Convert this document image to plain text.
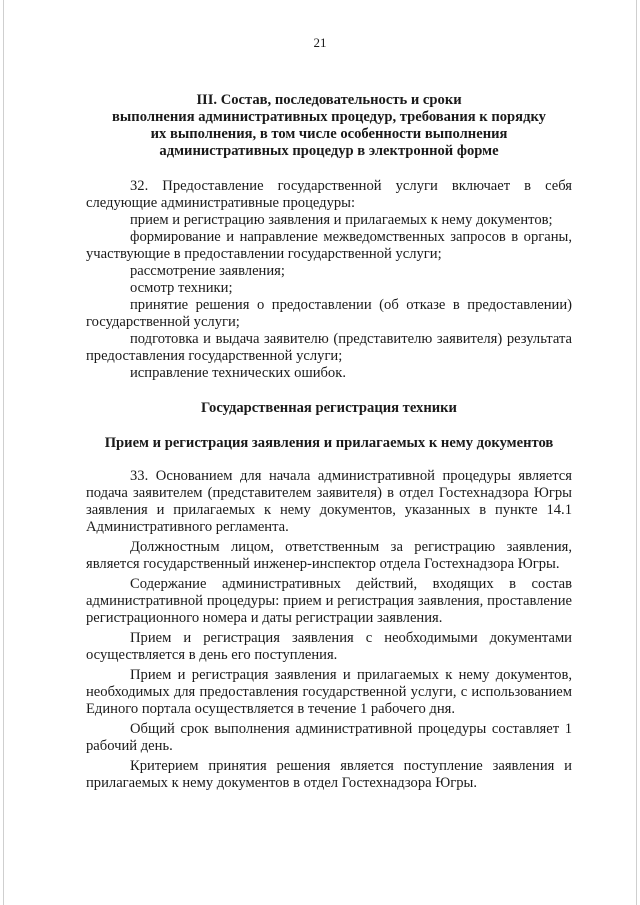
21
III. Состав, последовательность и сроки
выполнения административных процедур, требования к порядку
их выполнения, в том числе особенности выполнения
административных процедур в электронной форме

32. Предоставление государственной услуги включает в себя следующие административные процедуры:

прием и регистрацию заявления и прилагаемых к нему документов;

формирование и направление межведомственных запросов в органы, участвующие в предоставлении государственной услуги;

рассмотрение заявления;

осмотр техники;

принятие решения о предоставлении (об отказе в предоставлении) государственной услуги;

подготовка и выдача заявителю (представителю заявителя) результата предоставления государственной услуги;

исправление технических ошибок.

Государственная регистрация техники

Прием и регистрация заявления и прилагаемых к нему документов

33. Основанием для начала административной процедуры является подача заявителем (представителем заявителя) в отдел Гостехнадзора Югры заявления и прилагаемых к нему документов, указанных в пункте 14.1 Административного регламента.

Должностным лицом, ответственным за регистрацию заявления, является государственный инженер-инспектор отдела Гостехнадзора Югры.

Содержание административных действий, входящих в состав административной процедуры: прием и регистрация заявления, проставление регистрационного номера и даты регистрации заявления.

Прием и регистрация заявления с необходимыми документами осуществляется в день его поступления.

Прием и регистрация заявления и прилагаемых к нему документов, необходимых для предоставления государственной услуги, с использованием Единого портала осуществляется в течение 1 рабочего дня.

Общий срок выполнения административной процедуры составляет 1 рабочий день.

Критерием принятия решения является поступление заявления и прилагаемых к нему документов в отдел Гостехнадзора Югры.
